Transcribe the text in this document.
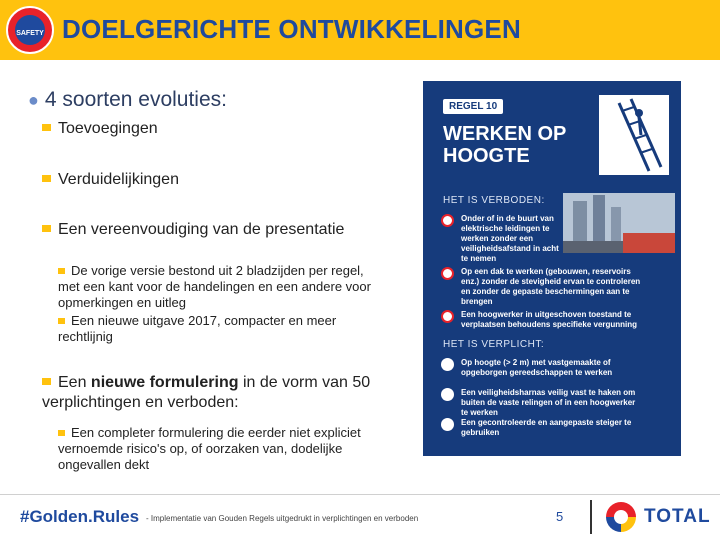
SAFETY DOELGERICHTE ONTWIKKELINGEN
● 4 soorten evoluties:
Toevoegingen
Verduidelijkingen
Een vereenvoudiging van de presentatie
De vorige versie bestond uit 2 bladzijden per regel, met een kant voor de handelingen en een andere voor opmerkingen en uitleg
Een nieuwe uitgave 2017, compacter en meer rechtlijnig
Een nieuwe formulering in de vorm van 50 verplichtingen en verboden:
Een completer formulering die eerder niet expliciet vernoemde risico's op, of oorzaken van, dodelijke ongevallen dekt
REGEL 10
WERKEN OP
HOOGTE
HET IS VERBODEN:
Onder of in de buurt van elektrische leidingen te werken zonder een veiligheidsafstand in acht te nemen
Op een dak te werken (gebouwen, reservoirs enz.) zonder de stevigheid ervan te controleren en zonder de gepaste beschermingen aan te brengen
Een hoogwerker in uitgeschoven toestand te verplaatsen behoudens specifieke vergunning
HET IS VERPLICHT:
Op hoogte (> 2 m) met vastgemaakte of opgeborgen gereedschappen te werken
Een veiligheidsharnas veilig vast te haken om buiten de vaste relingen of in een hoogwerker te werken
Een gecontroleerde en aangepaste steiger te gebruiken
#Golden.Rules - Implementatie van Gouden Regels uitgedrukt in verplichtingen en verboden	5	TOTAL
